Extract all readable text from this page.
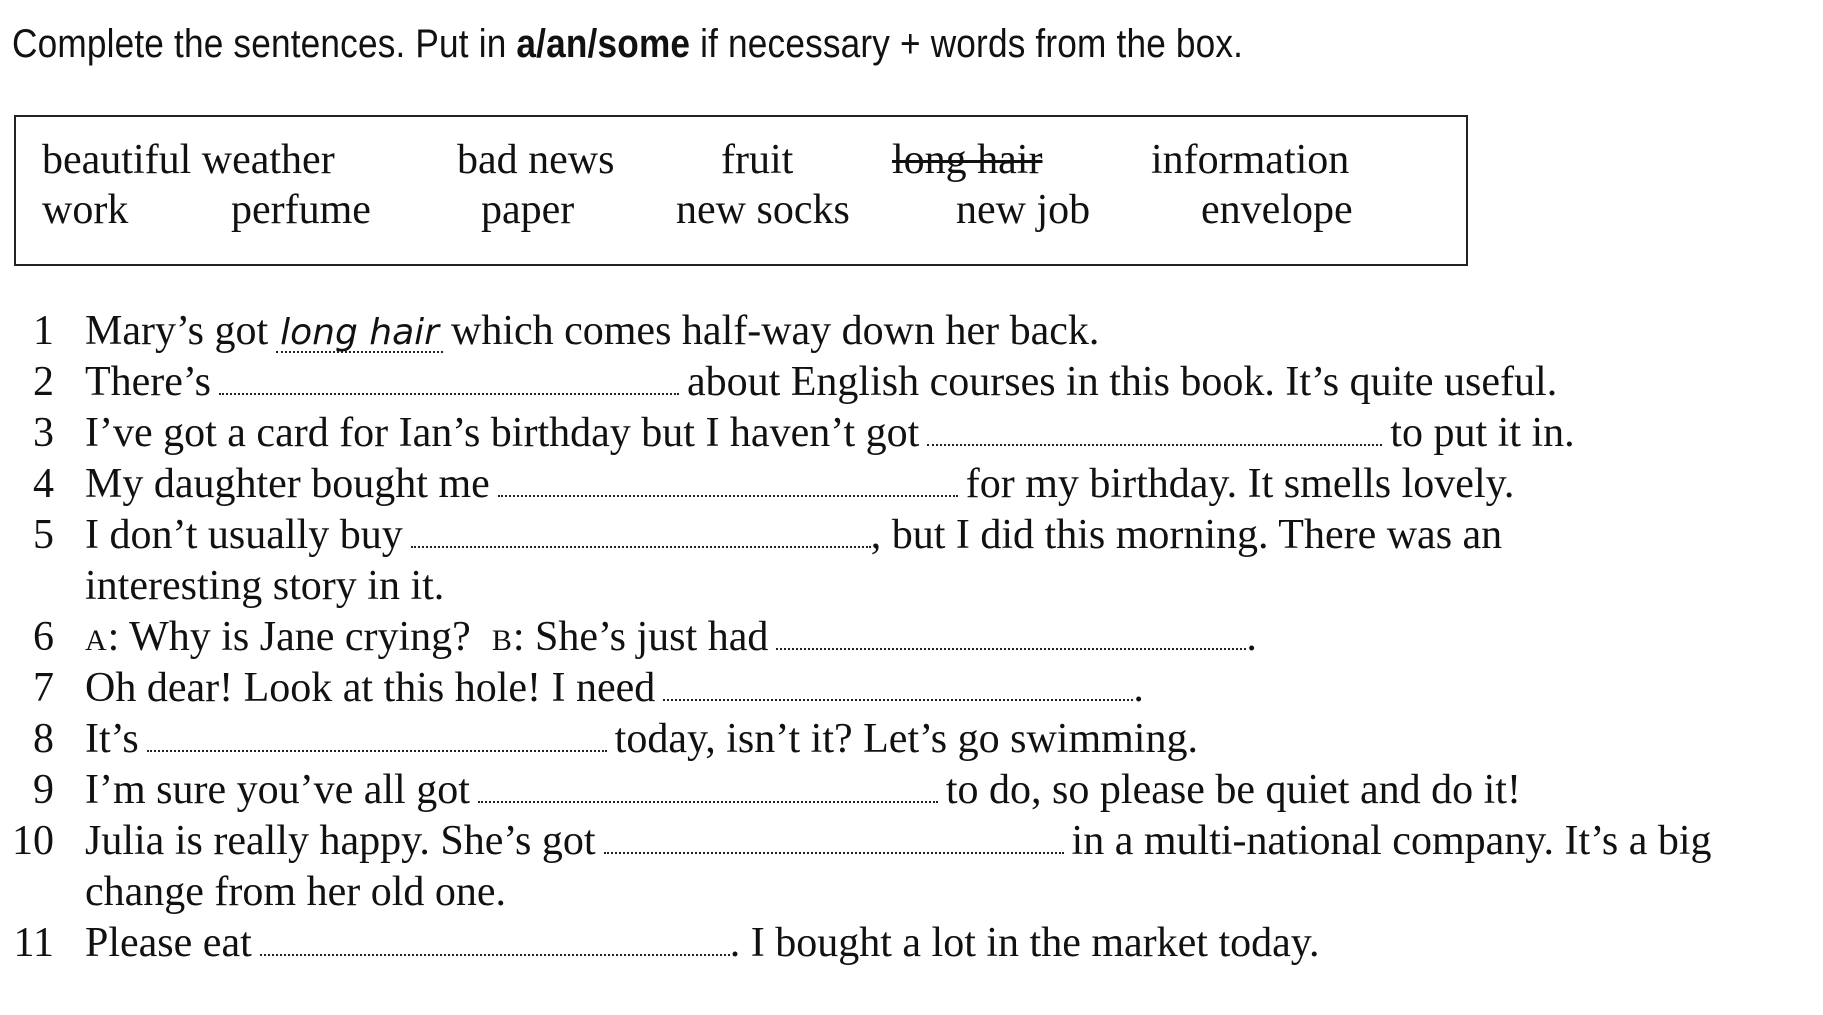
Complete the sentences. Put in a/an/some if necessary + words from the box.
beautiful weather	bad news	fruit long hair	information
work perfume	paper new socks	new job	envelope
1 Mary’s got long hair which comes half-way down her back.
2 There’s	about English courses in this book. It’s quite useful.
3 I’ve got a card for Ian’s birthday but I haven’t got	to put it in.
4 My daughter bought me	for my birthday. It smells lovely.
5 I don’t usually buy	, but I did this morning. There was an
interesting story in it.
6 A: Why is Jane crying? B: She’s just had	.
7 Oh dear! Look at this hole! I need	.
8 It’s	today, isn’t it? Let’s go swimming.
9 I’m sure you’ve all got	to do, so please be quiet and do it!
10 Julia is really happy. She’s got	in a multi-national company. It’s a big
change from her old one.
11 Please eat	. I bought a lot in the market today.
